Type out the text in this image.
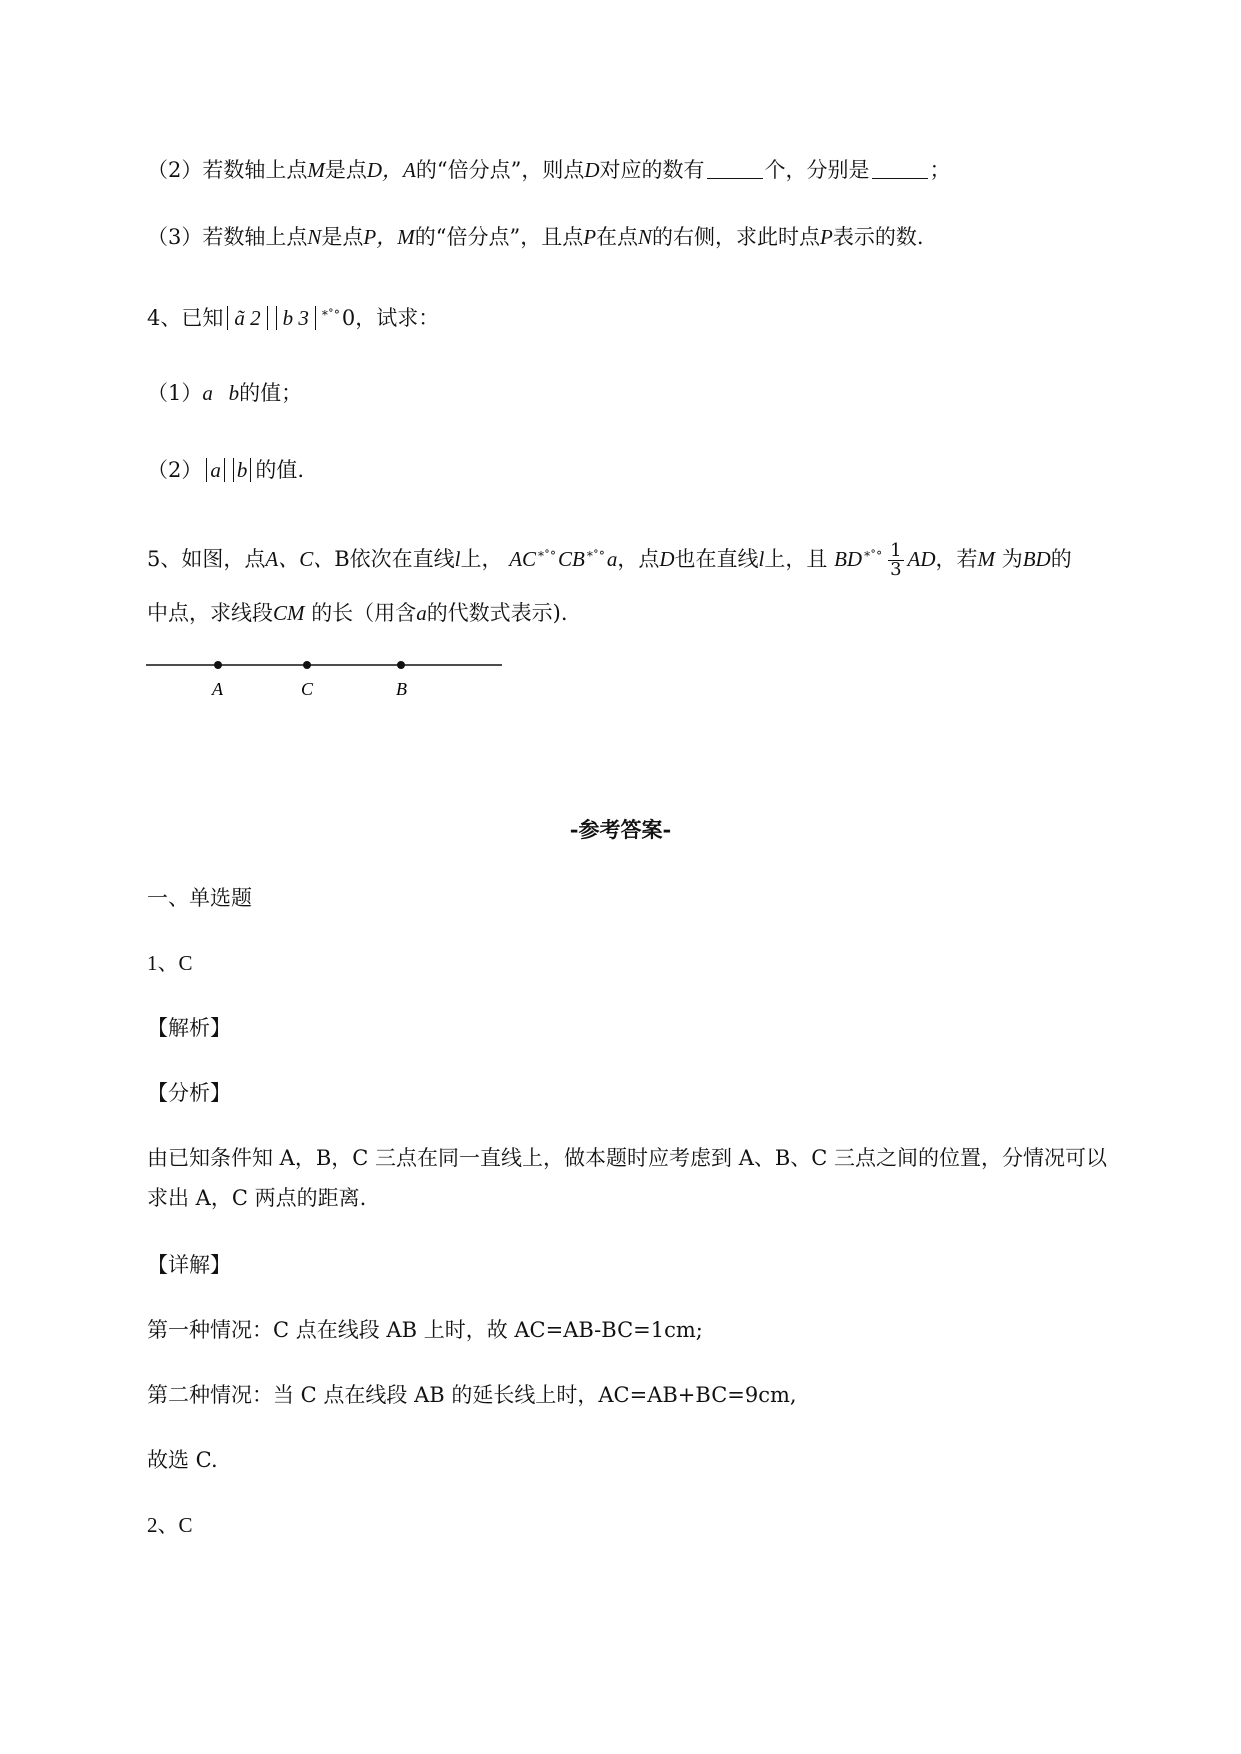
（2）若数轴上点M是点D，A的“倍分点”，则点D对应的数有	个，分别是	；
（3）若数轴上点N是点P，M的“倍分点”，且点P在点N的右侧，求此时点P表示的数.
4、已知 ã 2 b 3 *˚°0，试求：
（1）a   b的值；
（2） a b 的值.
5、如图，点A、C、B依次在直线l上， AC *˚°CB *˚°a，点D也在直线l上，且 BD $^{*˚^\circ} \frac{1}{3}$ AD，若M 为BD的
中点，求线段CM 的长（用含a的代数式表示).
A	C	B
-参考答案-
一、单选题
1、C
【解析】
【分析】
由已知条件知 A，B，C 三点在同一直线上，做本题时应考虑到 A、B、C 三点之间的位置，分情况可以
求出 A，C 两点的距离.
【详解】
第一种情况：C 点在线段 AB 上时，故 AC=AB-BC=1cm;
第二种情况：当 C 点在线段 AB 的延长线上时，AC=AB+BC=9cm,
故选 C.
2、C
